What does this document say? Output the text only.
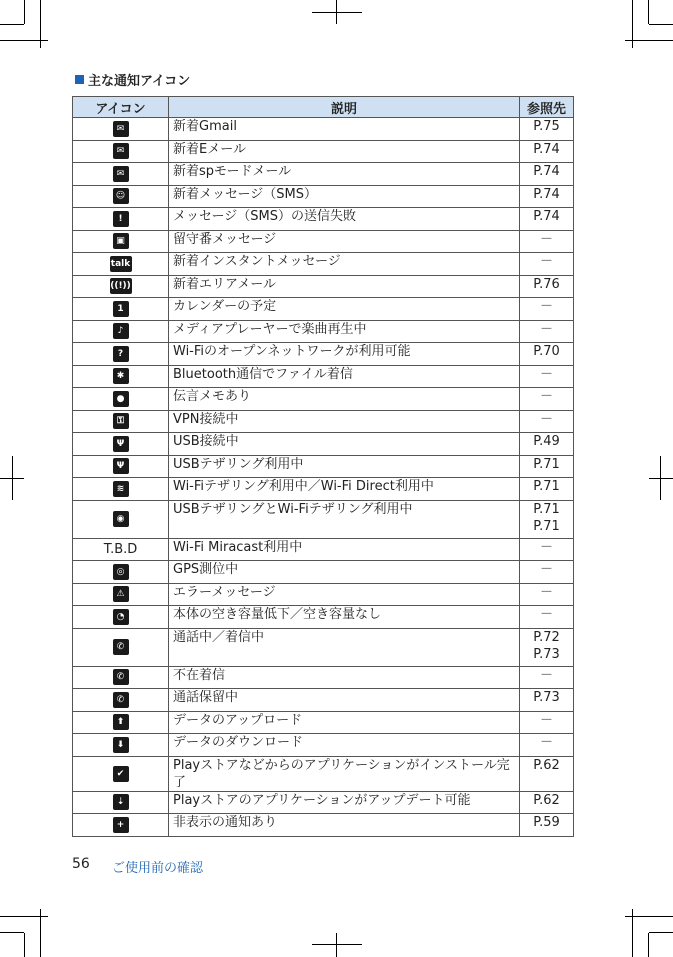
主な通知アイコン
アイコン	説明	参照先
✉	新着Gmail	P.75

✉	新着Eメール	P.74

✉	新着spモードメール	P.74

☺	新着メッセージ（SMS）	P.74

!	メッセージ（SMS）の送信失敗	P.74

▣	留守番メッセージ	－

talk	新着インスタントメッセージ	－

((!))	新着エリアメール	P.76

1	カレンダーの予定	－

♪	メディアプレーヤーで楽曲再生中	－

?	Wi-Fiのオープンネットワークが利用可能	P.70

✱	Bluetooth通信でファイル着信	－

●	伝言メモあり	－

⚿	VPN接続中	－

Ψ	USB接続中	P.49

Ψ	USBテザリング利用中	P.71

≋	Wi-Fiテザリング利用中／Wi-Fi Direct利用中	P.71

◉	USBテザリングとWi-Fiテザリング利用中	P.71
P.71

T.B.D	Wi-Fi Miracast利用中	－

◎	GPS測位中	－

⚠	エラーメッセージ	－

◔	本体の空き容量低下／空き容量なし	－

✆	通話中／着信中	P.72
P.73

✆	不在着信	－

✆	通話保留中	P.73

⬆	データのアップロード	－

⬇	データのダウンロード	－

✔	Playストアなどからのアプリケーションがインストール完了	P.62

⇣	Playストアのアプリケーションがアップデート可能	P.62

+	非表示の通知あり	P.59
56 ご使用前の確認
